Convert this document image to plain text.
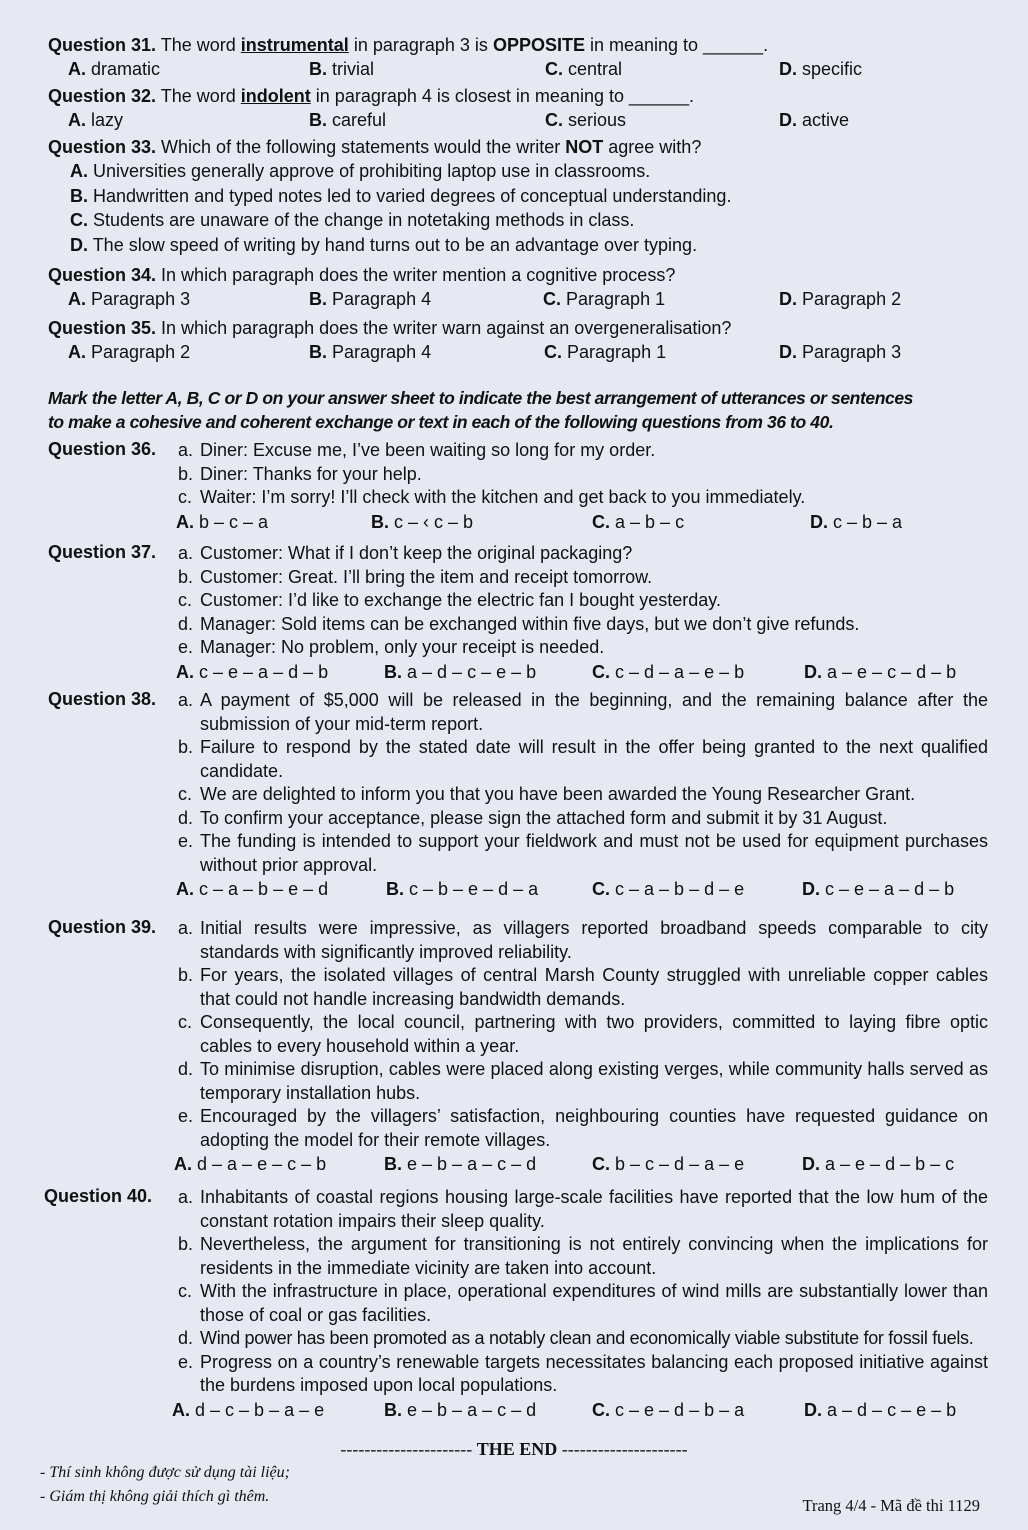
Question 31. The word instrumental in paragraph 3 is OPPOSITE in meaning to ______.
A. dramatic	B. trivial	C. central	D. specific
Question 32. The word indolent in paragraph 4 is closest in meaning to ______.
A. lazy	B. careful	C. serious	D. active
Question 33. Which of the following statements would the writer NOT agree with?
A. Universities generally approve of prohibiting laptop use in classrooms.
B. Handwritten and typed notes led to varied degrees of conceptual understanding.
C. Students are unaware of the change in notetaking methods in class.
D. The slow speed of writing by hand turns out to be an advantage over typing.
Question 34. In which paragraph does the writer mention a cognitive process?
A. Paragraph 3	B. Paragraph 4	C. Paragraph 1	D. Paragraph 2
Question 35. In which paragraph does the writer warn against an overgeneralisation?
A. Paragraph 2	B. Paragraph 4	C. Paragraph 1	D. Paragraph 3
Mark the letter A, B, C or D on your answer sheet to indicate the best arrangement of utterances or sentences
to make a cohesive and coherent exchange or text in each of the following questions from 36 to 40.
Question 36. a. Diner: Excuse me, I’ve been waiting so long for my order.
b. Diner: Thanks for your help.
c. Waiter: I’m sorry! I’ll check with the kitchen and get back to you immediately.
A. b – c – a	B. c – ‹ c – b	C. a – b – c	D. c – b – a
Question 37. a. Customer: What if I don’t keep the original packaging?
b. Customer: Great. I’ll bring the item and receipt tomorrow.
c. Customer: I’d like to exchange the electric fan I bought yesterday.
d. Manager: Sold items can be exchanged within five days, but we don’t give refunds.
e. Manager: No problem, only your receipt is needed.
A. c – e – a – d – b	B. a – d – c – e – b	C. c – d – a – e – b	D. a – e – c – d – b
Question 38. a. A payment of $5,000 will be released in the beginning, and the remaining balance after the submission of your mid-term report.
b. Failure to respond by the stated date will result in the offer being granted to the next qualified candidate.
c. We are delighted to inform you that you have been awarded the Young Researcher Grant.
d. To confirm your acceptance, please sign the attached form and submit it by 31 August.
e. The funding is intended to support your fieldwork and must not be used for equipment purchases without prior approval.
A. c – a – b – e – d	B. c – b – e – d – a	C. c – a – b – d – e	D. c – e – a – d – b
Question 39. a. Initial results were impressive, as villagers reported broadband speeds comparable to city standards with significantly improved reliability.
b. For years, the isolated villages of central Marsh County struggled with unreliable copper cables that could not handle increasing bandwidth demands.
c. Consequently, the local council, partnering with two providers, committed to laying fibre optic cables to every household within a year.
d. To minimise disruption, cables were placed along existing verges, while community halls served as temporary installation hubs.
e. Encouraged by the villagers’ satisfaction, neighbouring counties have requested guidance on adopting the model for their remote villages.
A. d – a – e – c – b	B. e – b – a – c – d	C. b – c – d – a – e	D. a – e – d – b – c
Question 40. a. Inhabitants of coastal regions housing large-scale facilities have reported that the low hum of the constant rotation impairs their sleep quality.
b. Nevertheless, the argument for transitioning is not entirely convincing when the implications for residents in the immediate vicinity are taken into account.
c. With the infrastructure in place, operational expenditures of wind mills are substantially lower than those of coal or gas facilities.
d. Wind power has been promoted as a notably clean and economically viable substitute for fossil fuels.
e. Progress on a country’s renewable targets necessitates balancing each proposed initiative against the burdens imposed upon local populations.
A. d – c – b – a – e	B. e – b – a – c – d	C. c – e – d – b – a	D. a – d – c – e – b
---------------------- THE END ---------------------
- Thí sinh không được sử dụng tài liệu;
- Giám thị không giải thích gì thêm.	Trang 4/4 - Mã đề thi 1129
